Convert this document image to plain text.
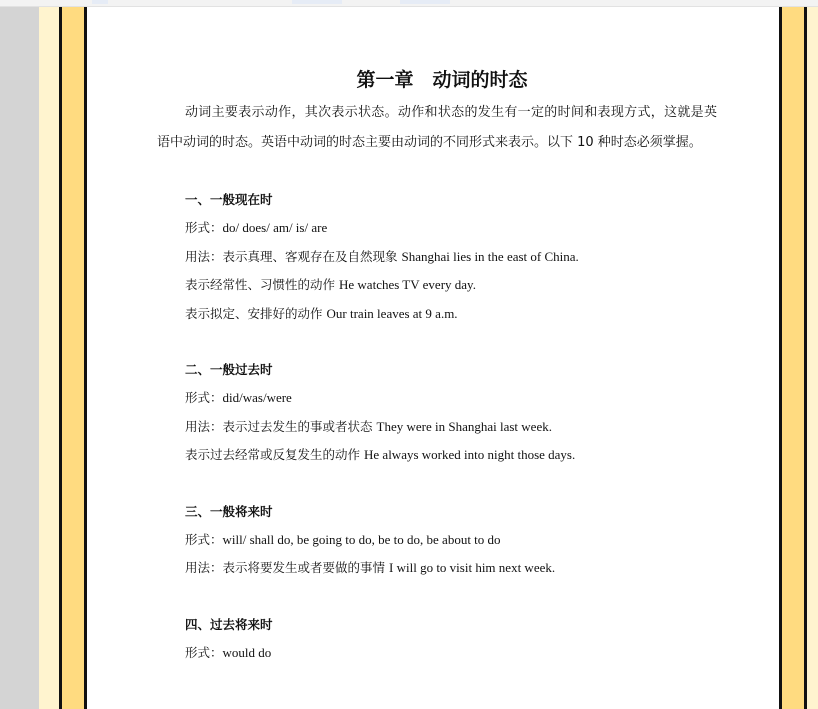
第一章　动词的时态

动词主要表示动作，其次表示状态。动作和状态的发生有一定的时间和表现方式，这就是英语中动词的时态。英语中动词的时态主要由动词的不同形式来表示。以下 10 种时态必须掌握。

一、一般现在时

形式：do/ does/ am/ is/ are

用法：表示真理、客观存在及自然现象 Shanghai lies in the east of China.

表示经常性、习惯性的动作 He watches TV every day.

表示拟定、安排好的动作 Our train leaves at 9 a.m.

二、一般过去时

形式：did/was/were

用法：表示过去发生的事或者状态 They were in Shanghai last week.

表示过去经常或反复发生的动作 He always worked into night those days.

三、一般将来时

形式：will/ shall do, be going to do, be to do, be about to do

用法：表示将要发生或者要做的事情 I will go to visit him next week.

四、过去将来时

形式：would do
